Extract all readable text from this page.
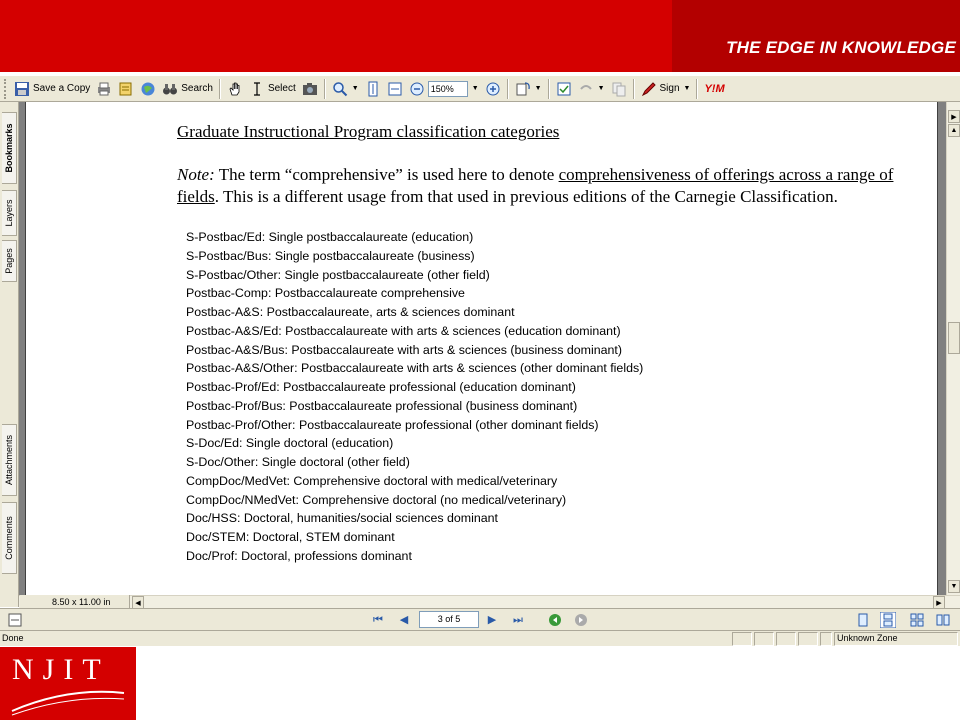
THE EDGE IN KNOWLEDGE
Save a Copy	Search	Select	▼
150%	▼	▼	▼	Sign ▼ Y!M
Bookmarks
Layers
Pages
Attachments
Comments
Graduate Instructional Program classification categories
Note: The term “comprehensive” is used here to denote comprehensiveness of offerings across a range of fields. This is a different usage from that used in previous editions of the Carnegie Classification.
S-Postbac/Ed: Single postbaccalaureate (education)
S-Postbac/Bus: Single postbaccalaureate (business)
S-Postbac/Other: Single postbaccalaureate (other field)
Postbac-Comp: Postbaccalaureate comprehensive
Postbac-A&S: Postbaccalaureate, arts & sciences dominant
Postbac-A&S/Ed: Postbaccalaureate with arts & sciences (education dominant)
Postbac-A&S/Bus: Postbaccalaureate with arts & sciences (business dominant)
Postbac-A&S/Other: Postbaccalaureate with arts & sciences (other dominant fields)
Postbac-Prof/Ed: Postbaccalaureate professional (education dominant)
Postbac-Prof/Bus: Postbaccalaureate professional (business dominant)
Postbac-Prof/Other: Postbaccalaureate professional (other dominant fields)
S-Doc/Ed: Single doctoral (education)
S-Doc/Other: Single doctoral (other field)
CompDoc/MedVet: Comprehensive doctoral with medical/veterinary
CompDoc/NMedVet: Comprehensive doctoral (no medical/veterinary)
Doc/HSS: Doctoral, humanities/social sciences dominant
Doc/STEM: Doctoral, STEM dominant
Doc/Prof: Doctoral, professions dominant
▶
▲
▼
◀	▶
8.50 x 11.00 in
⏮	◀	3 of 5	▶	⏭
Done	Unknown Zone
NJIT
